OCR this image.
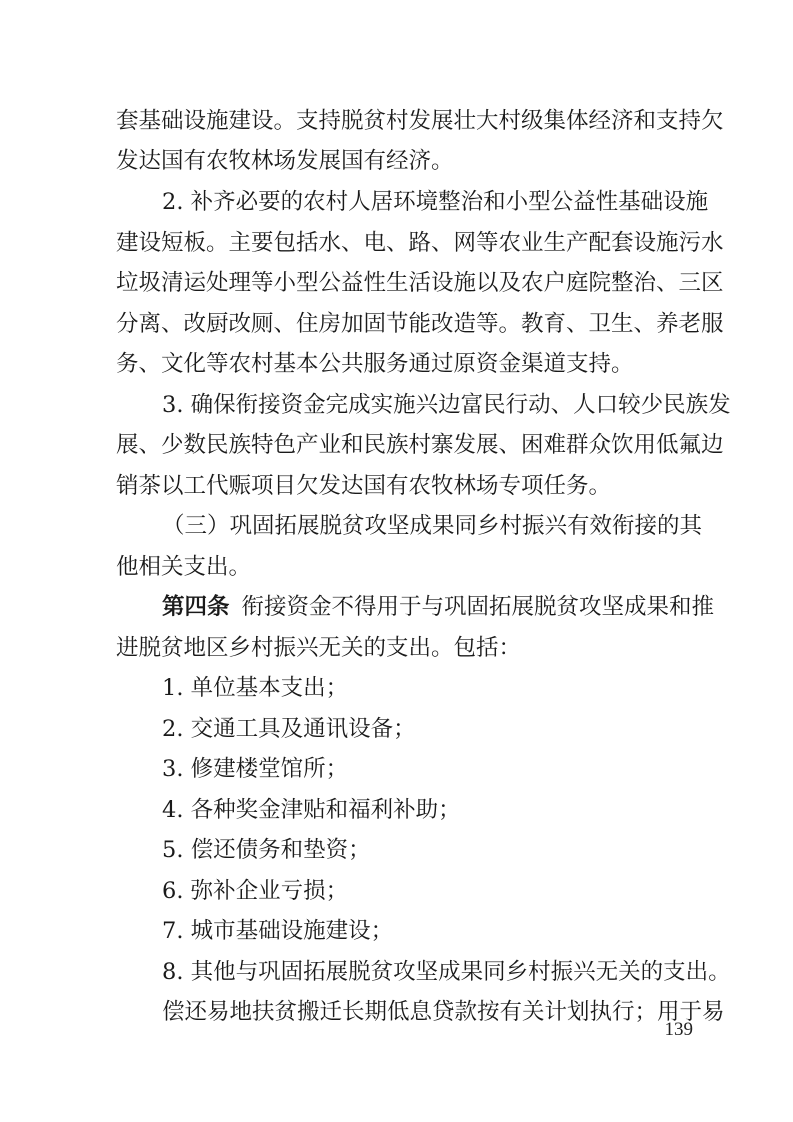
套基础设施建设。支持脱贫村发展壮大村级集体经济和支持欠
发达国有农牧林场发展国有经济。
2. 补齐必要的农村人居环境整治和小型公益性基础设施
建设短板。主要包括水、电、路、网等农业生产配套设施污水
垃圾清运处理等小型公益性生活设施以及农户庭院整治、三区
分离、改厨改厕、住房加固节能改造等。教育、卫生、养老服
务、文化等农村基本公共服务通过原资金渠道支持。
3. 确保衔接资金完成实施兴边富民行动、人口较少民族发
展、少数民族特色产业和民族村寨发展、困难群众饮用低氟边
销茶以工代赈项目欠发达国有农牧林场专项任务。
（三）巩固拓展脱贫攻坚成果同乡村振兴有效衔接的其
他相关支出。
第四条 衔接资金不得用于与巩固拓展脱贫攻坚成果和推
进脱贫地区乡村振兴无关的支出。包括：
1. 单位基本支出；
2. 交通工具及通讯设备；
3. 修建楼堂馆所；
4. 各种奖金津贴和福利补助；
5. 偿还债务和垫资；
6. 弥补企业亏损；
7. 城市基础设施建设；
8. 其他与巩固拓展脱贫攻坚成果同乡村振兴无关的支出。
偿还易地扶贫搬迁长期低息贷款按有关计划执行；用于易
139
